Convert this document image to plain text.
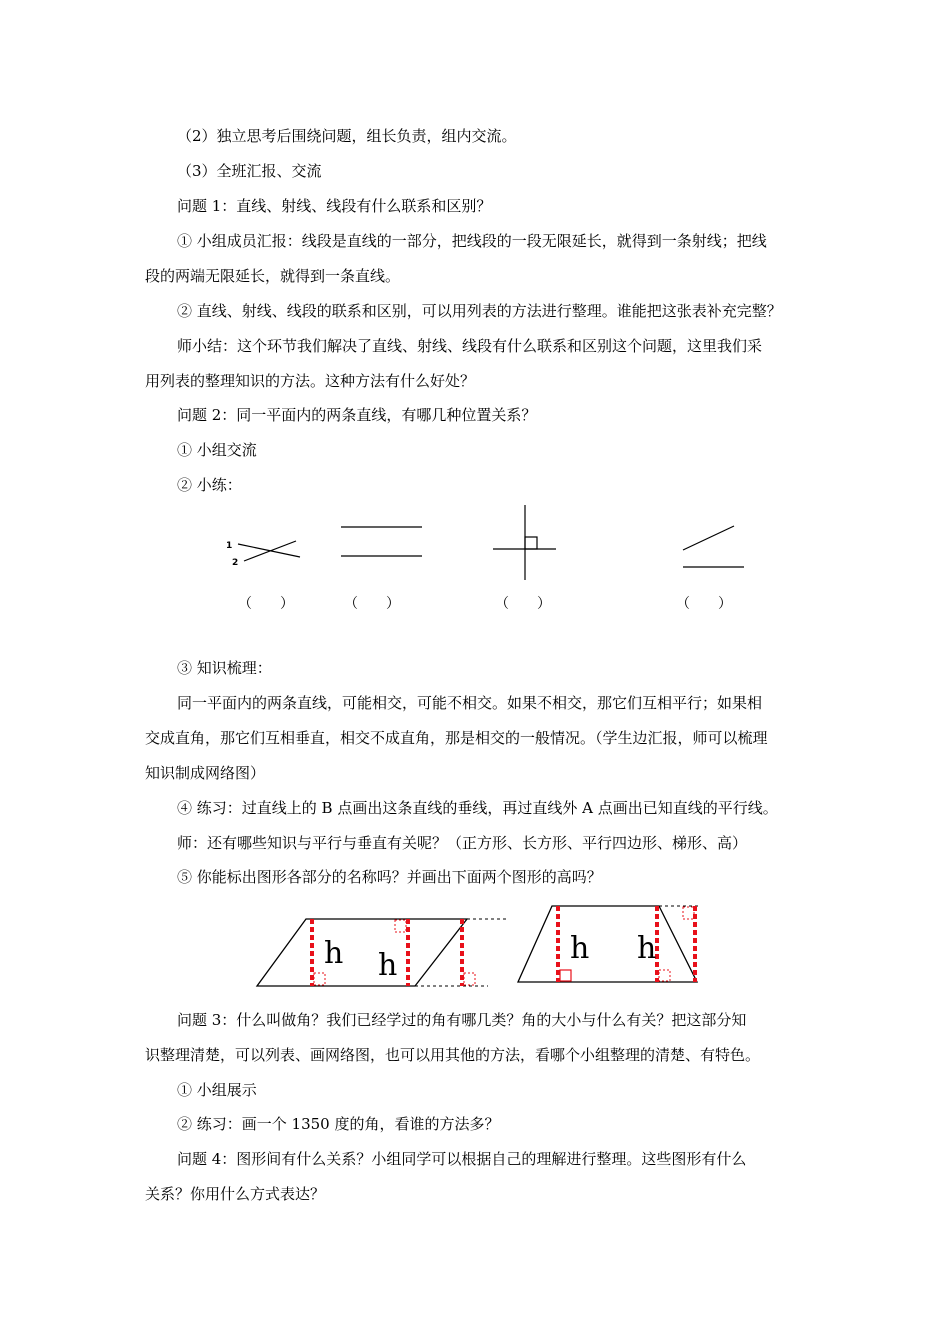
（2）独立思考后围绕问题，组长负责，组内交流。
（3）全班汇报、交流
问题 1：直线、射线、线段有什么联系和区别？
① 小组成员汇报：线段是直线的一部分，把线段的一段无限延长，就得到一条射线；把线
段的两端无限延长，就得到一条直线。
② 直线、射线、线段的联系和区别，可以用列表的方法进行整理。谁能把这张表补充完整？
师小结：这个环节我们解决了直线、射线、线段有什么联系和区别这个问题，这里我们采
用列表的整理知识的方法。这种方法有什么好处？
问题 2：同一平面内的两条直线，有哪几种位置关系？
① 小组交流
② 小练：
1
2
（　　）	（　　）	（　　）	（　　）
③ 知识梳理：
同一平面内的两条直线，可能相交，可能不相交。如果不相交，那它们互相平行；如果相
交成直角，那它们互相垂直，相交不成直角，那是相交的一般情况。（学生边汇报，师可以梳理
知识制成网络图）
④ 练习：过直线上的 B 点画出这条直线的垂线，再过直线外 A 点画出已知直线的平行线。
师：还有哪些知识与平行与垂直有关呢？（正方形、长方形、平行四边形、梯形、高）
⑤ 你能标出图形各部分的名称吗？并画出下面两个图形的高吗？
h h	h h
问题 3：什么叫做角？我们已经学过的角有哪几类？角的大小与什么有关？把这部分知
识整理清楚，可以列表、画网络图，也可以用其他的方法，看哪个小组整理的清楚、有特色。
① 小组展示
② 练习：画一个 1350 度的角，看谁的方法多？
问题 4：图形间有什么关系？小组同学可以根据自己的理解进行整理。这些图形有什么
关系？你用什么方式表达？
